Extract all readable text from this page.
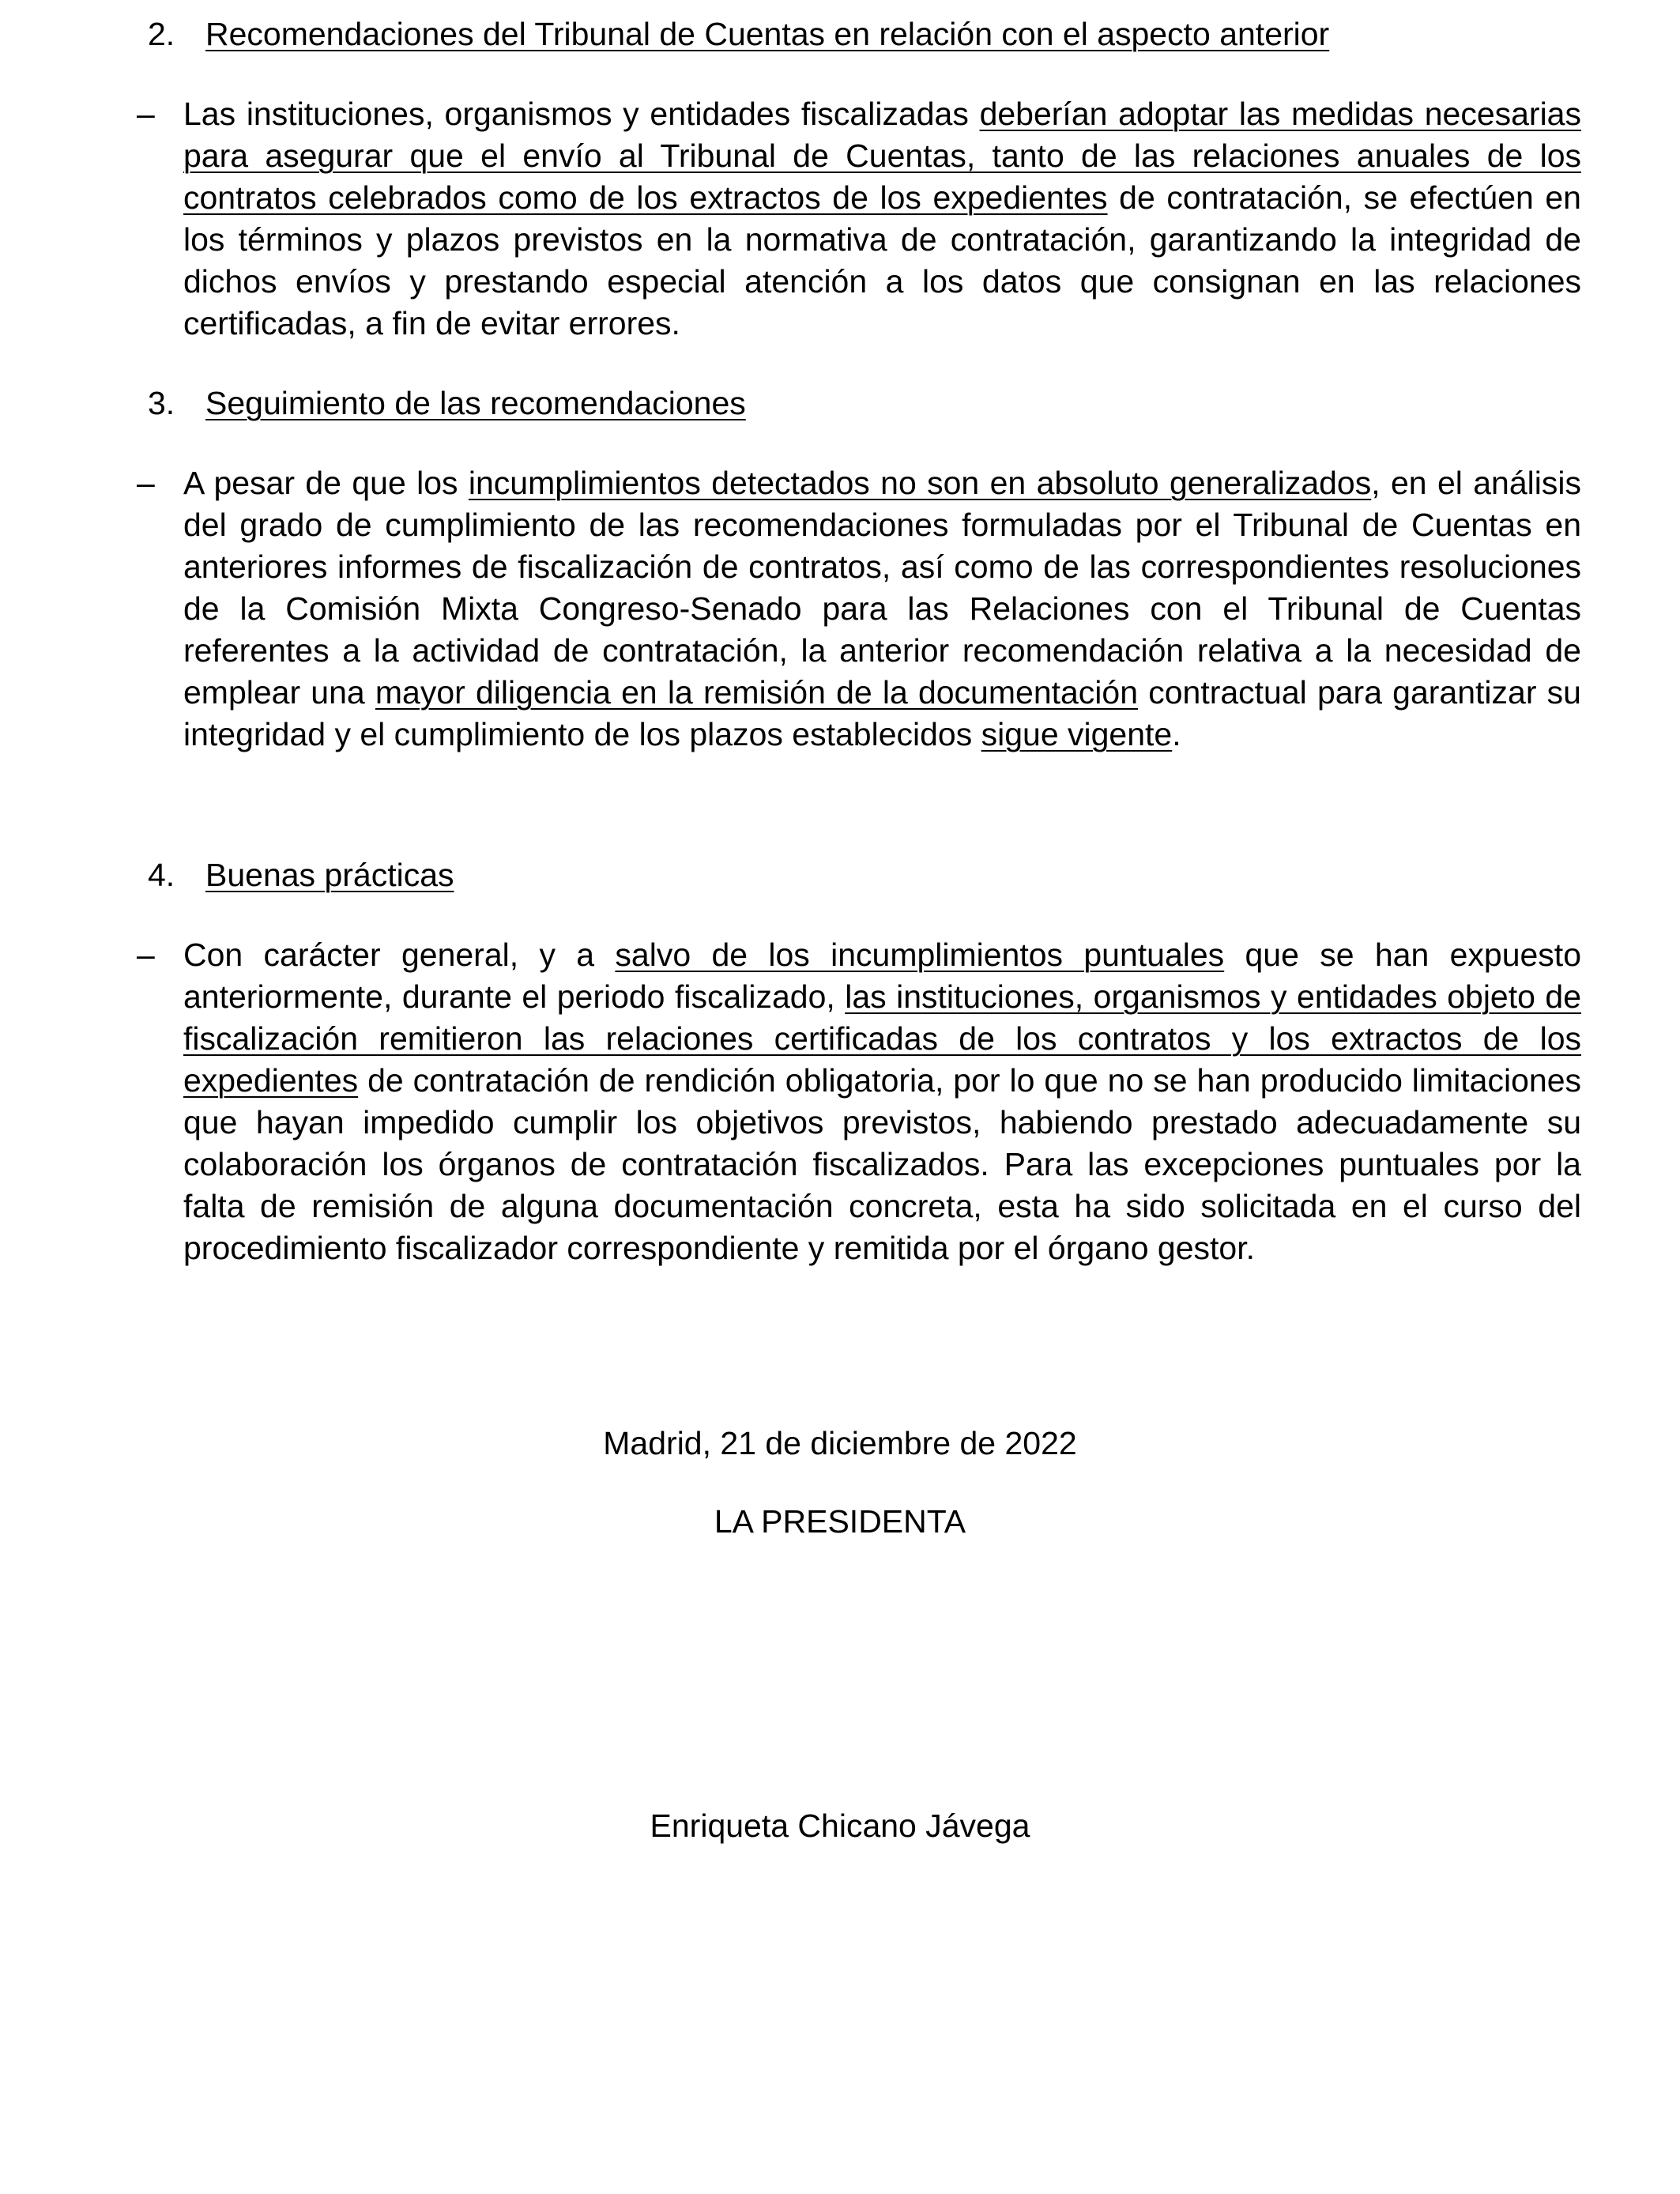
2. Recomendaciones del Tribunal de Cuentas en relación con el aspecto anterior
– Las instituciones, organismos y entidades fiscalizadas deberían adoptar las medidas necesarias para asegurar que el envío al Tribunal de Cuentas, tanto de las relaciones anuales de los contratos celebrados como de los extractos de los expedientes de contratación, se efectúen en los términos y plazos previstos en la normativa de contratación, garantizando la integridad de dichos envíos y prestando especial atención a los datos que consignan en las relaciones certificadas, a fin de evitar errores.
3. Seguimiento de las recomendaciones
– A pesar de que los incumplimientos detectados no son en absoluto generalizados, en el análisis del grado de cumplimiento de las recomendaciones formuladas por el Tribunal de Cuentas en anteriores informes de fiscalización de contratos, así como de las correspondientes resoluciones de la Comisión Mixta Congreso-Senado para las Relaciones con el Tribunal de Cuentas referentes a la actividad de contratación, la anterior recomendación relativa a la necesidad de emplear una mayor diligencia en la remisión de la documentación contractual para garantizar su integridad y el cumplimiento de los plazos establecidos sigue vigente.
4. Buenas prácticas
– Con carácter general, y a salvo de los incumplimientos puntuales que se han expuesto anteriormente, durante el periodo fiscalizado, las instituciones, organismos y entidades objeto de fiscalización remitieron las relaciones certificadas de los contratos y los extractos de los expedientes de contratación de rendición obligatoria, por lo que no se han producido limitaciones que hayan impedido cumplir los objetivos previstos, habiendo prestado adecuadamente su colaboración los órganos de contratación fiscalizados. Para las excepciones puntuales por la falta de remisión de alguna documentación concreta, esta ha sido solicitada en el curso del procedimiento fiscalizador correspondiente y remitida por el órgano gestor.
Madrid, 21 de diciembre de 2022
LA PRESIDENTA
Enriqueta Chicano Jávega
